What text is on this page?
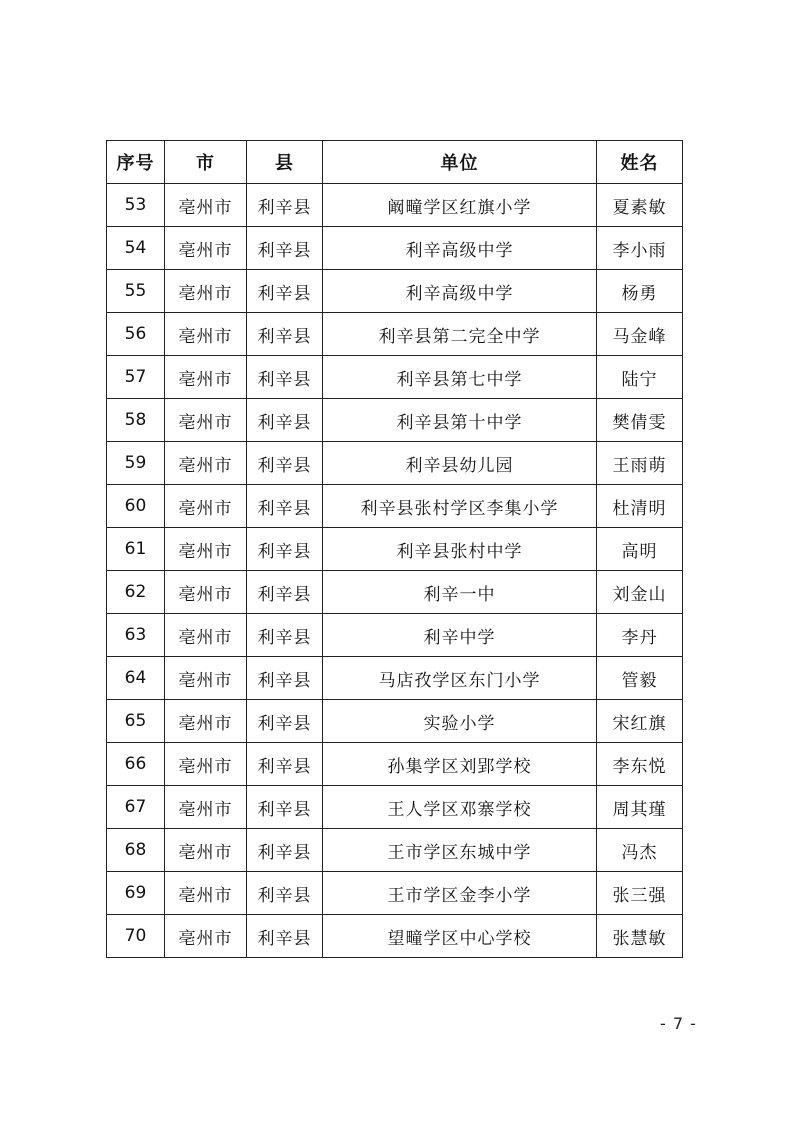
序号	市	县	单位	姓名
53	亳州市	利辛县	阚疃学区红旗小学	夏素敏
54	亳州市	利辛县	利辛高级中学	李小雨
55	亳州市	利辛县	利辛高级中学	杨勇
56	亳州市	利辛县	利辛县第二完全中学	马金峰
57	亳州市	利辛县	利辛县第七中学	陆宁
58	亳州市	利辛县	利辛县第十中学	樊倩雯
59	亳州市	利辛县	利辛县幼儿园	王雨萌
60	亳州市	利辛县	利辛县张村学区李集小学	杜清明
61	亳州市	利辛县	利辛县张村中学	高明
62	亳州市	利辛县	利辛一中	刘金山
63	亳州市	利辛县	利辛中学	李丹
64	亳州市	利辛县	马店孜学区东门小学	管毅
65	亳州市	利辛县	实验小学	宋红旗
66	亳州市	利辛县	孙集学区刘郢学校	李东悦
67	亳州市	利辛县	王人学区邓寨学校	周其瑾
68	亳州市	利辛县	王市学区东城中学	冯杰
69	亳州市	利辛县	王市学区金李小学	张三强
70	亳州市	利辛县	望疃学区中心学校	张慧敏
- 7 -
